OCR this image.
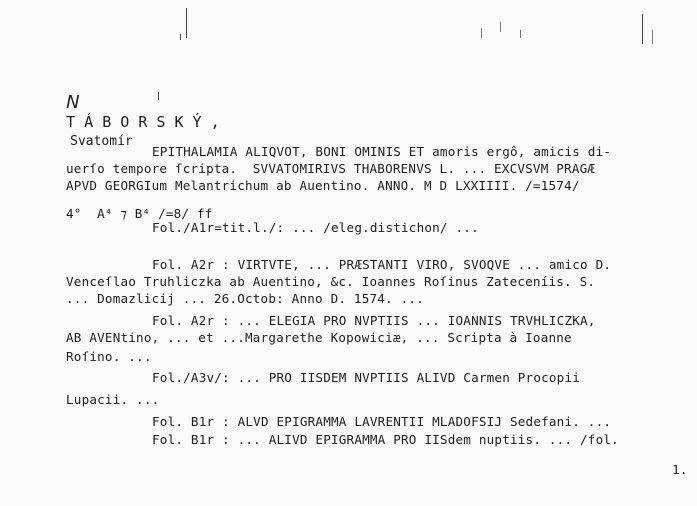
N
T Á B O R S K Ý ,
Svatomír

EPITHALAMIA ALIQVOT, BONI OMINIS ET amoris ergô, amicis di-
uerſo tempore ſcripta.  SVVATOMIRIVS THABORENVS L. ... EXCVSVM PRAGÆ
APVD GEORGIum Melantrichum ab Auentino. ANNO. M D LXXIIII. /=1574/
4°  A⁴ ⁊ B⁴ /=8/ ff
Fol./A1r=tit.l./: ... /eleg.distichon/ ...
Fol. A2r : VIRTVTE, ... PRÆSTANTI VIRO, SVOQVE ... amico D.
Venceſlao Truhliczka ab Auentino, &c. Ioannes Roſinus Zateceníis. S.
... Domazlicij ... 26.Octob: Anno D. 1574. ...
Fol. A2r : ... ELEGIA PRO NVPTIIS ... IOANNIS TRVHLICZKA,
AB AVENtino, ... et ...Margarethe Kopowiciæ, ... Scripta à Ioanne
Roſino. ...
Fol./A3v/: ... PRO IISDEM NVPTIIS ALIVD Carmen Procopii
Lupacii. ...
Fol. B1r : ALVD EPIGRAMMA LAVRENTII MLADOFSIJ Sedefani. ...
Fol. B1r : ... ALIVD EPIGRAMMA PRO IISdem nuptiis. ... /fol.
1.
